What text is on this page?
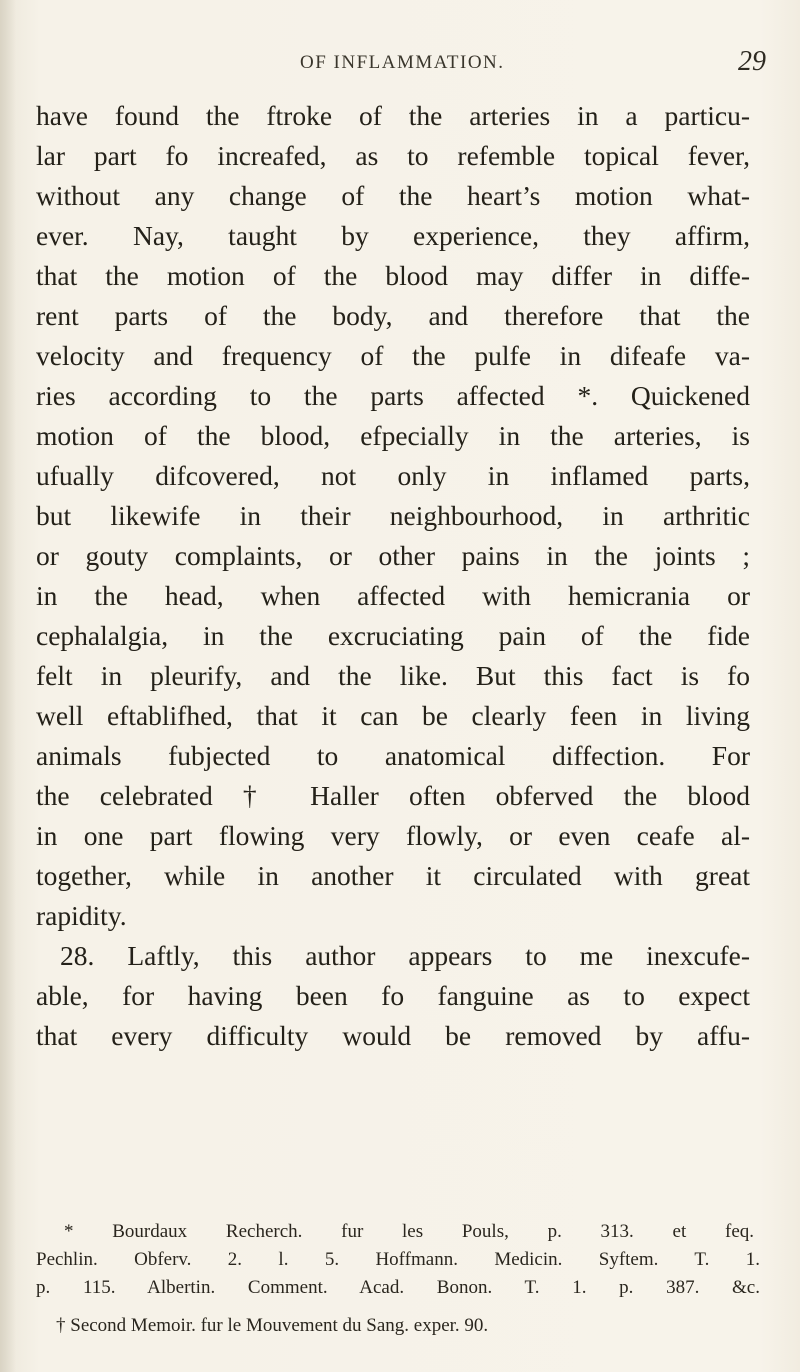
OF INFLAMMATION.	29
have found the ftroke of the arteries in a particu-
lar part fo increafed, as to refemble topical fever,
without any change of the heart’s motion what-
ever. Nay, taught by experience, they affirm,
that the motion of the blood may differ in diffe-
rent parts of the body, and therefore that the
velocity and frequency of the pulfe in difeafe va-
ries according to the parts affected *. Quickened
motion of the blood, efpecially in the arteries, is
ufually difcovered, not only in inflamed parts,
but likewife in their neighbourhood, in arthritic
or gouty complaints, or other pains in the joints ;
in the head, when affected with hemicrania or
cephalalgia, in the excruciating pain of the fide
felt in pleurify, and the like. But this fact is fo
well eftablifhed, that it can be clearly feen in living
animals fubjected to anatomical diffection. For
the celebrated † Haller often obferved the blood
in one part flowing very flowly, or even ceafe al-
together, while in another it circulated with great
rapidity.
28. Laftly, this author appears to me inexcufe-
able, for having been fo fanguine as to expect
that every difficulty would be removed by affu-
* Bourdaux Recherch. fur les Pouls, p. 313. et feq.
Pechlin. Obferv. 2. l. 5. Hoffmann. Medicin. Syftem. T. 1.
p. 115. Albertin. Comment. Acad. Bonon. T. 1. p. 387. &c.
† Second Memoir. fur le Mouvement du Sang. exper. 90.
